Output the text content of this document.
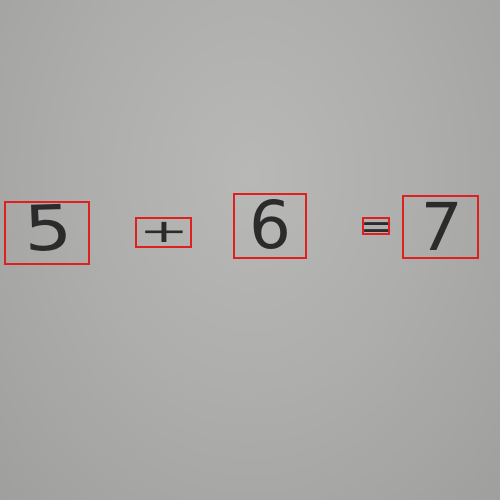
5	+ 6 = 7
